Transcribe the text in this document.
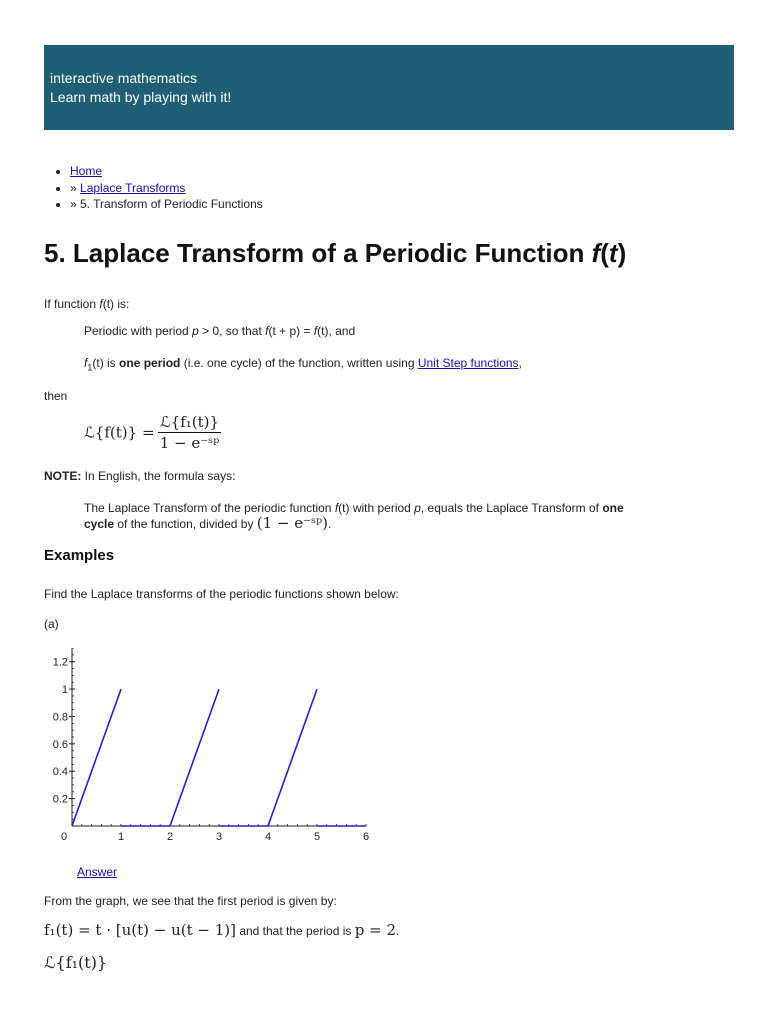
interactive mathematics
Learn math by playing with it!
• Home
• » Laplace Transforms
• » 5. Transform of Periodic Functions
5. Laplace Transform of a Periodic Function f(t)
If function f(t) is:
Periodic with period p > 0, so that f(t + p) = f(t), and
$f_1(t)$ is one period (i.e. one cycle) of the function, written using Unit Step functions,
then
ℒ{f(t)} = $\frac{\text{ℒ\{f₁(t)\}}}{\text{1 − e⁻ˢᵖ}}$
NOTE: In English, the formula says:
The Laplace Transform of the periodic function f(t) with period p, equals the Laplace Transform of one
cycle of the function, divided by (1 − e⁻ˢᵖ).
Examples
Find the Laplace transforms of the periodic functions shown below:
(a)
0	1	2	3	4	5	6
0.2
0.4
0.6
0.8
1
1.2
Answer
From the graph, we see that the first period is given by:
f₁(t) = t · [u(t) − u(t − 1)] and that the period is p = 2.
ℒ{f₁(t)}
